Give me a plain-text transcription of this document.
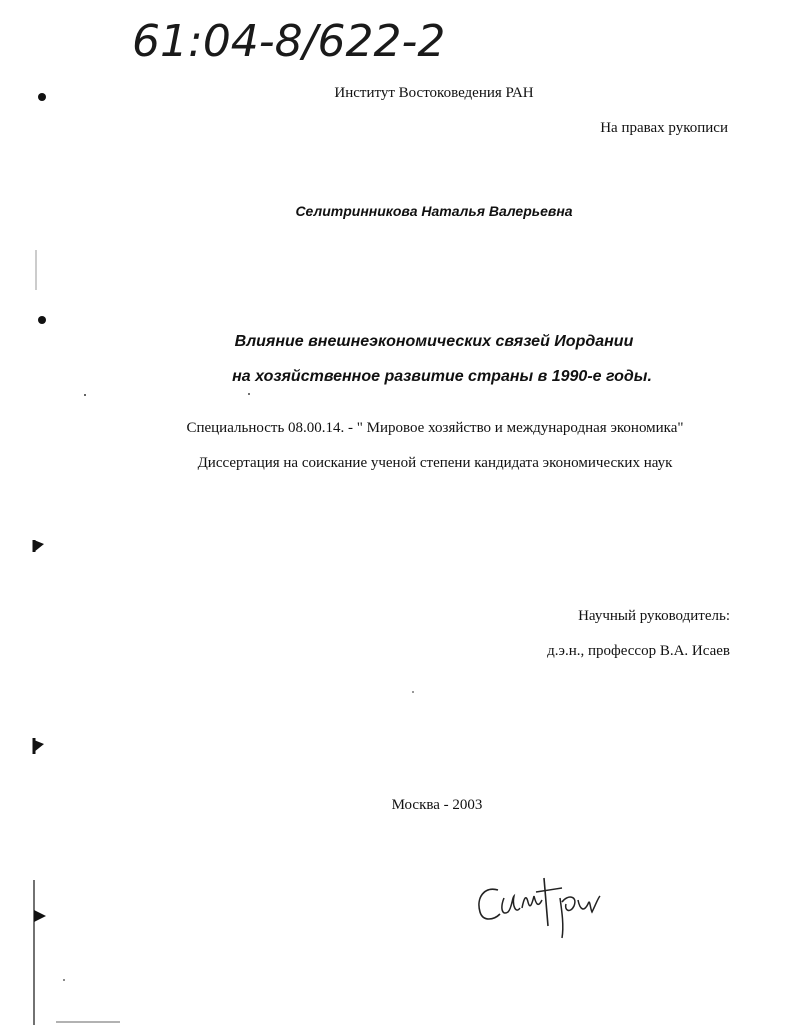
61:04-8/622-2
Институт Востоковедения РАН
На правах рукописи
Селитринникова Наталья Валерьевна
Влияние внешнеэкономических связей Иордании
на хозяйственное развитие страны в 1990-е годы.
Специальность 08.00.14. - " Мировое хозяйство и международная экономика"
Диссертация на соискание ученой степени кандидата экономических наук
Научный руководитель:
д.э.н., профессор В.А. Исаев
Москва - 2003
